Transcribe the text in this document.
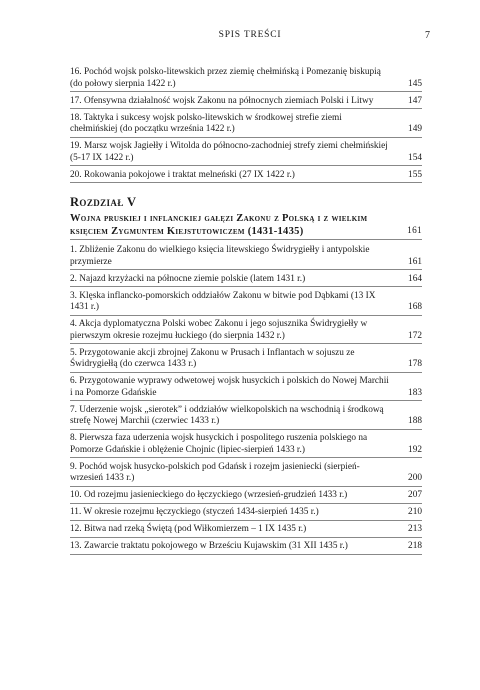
SPIS TREŚCI	7
16. Pochód wojsk polsko-litewskich przez ziemię chełmińską i Pomezanię biskupią (do połowy sierpnia 1422 r.)	145
17. Ofensywna działalność wojsk Zakonu na północnych ziemiach Polski i Litwy	147
18. Taktyka i sukcesy wojsk polsko-litewskich w środkowej strefie ziemi chełmińskiej (do początku września 1422 r.)	149
19. Marsz wojsk Jagiełły i Witolda do północno-zachodniej strefy ziemi chełmińskiej (5-17 IX 1422 r.)	154
20. Rokowania pokojowe i traktat melneński (27 IX 1422 r.)	155
Rozdział V
Wojna pruskiej i inflanckiej gałęzi Zakonu z Polską i z wielkim księciem Zygmuntem Kiejstutowiczem (1431-1435)	161
1. Zbliżenie Zakonu do wielkiego księcia litewskiego Świdrygiełły i antypolskie przymierze	161
2. Najazd krzyżacki na północne ziemie polskie (latem 1431 r.)	164
3. Klęska inflancko-pomorskich oddziałów Zakonu w bitwie pod Dąbkami (13 IX 1431 r.)	168
4. Akcja dyplomatyczna Polski wobec Zakonu i jego sojusznika Świdrygiełły w pierwszym okresie rozejmu łuckiego (do sierpnia 1432 r.)	172
5. Przygotowanie akcji zbrojnej Zakonu w Prusach i Inflantach w sojuszu ze Świdrygiełłą (do czerwca 1433 r.)	178
6. Przygotowanie wyprawy odwetowej wojsk husyckich i polskich do Nowej Marchii i na Pomorze Gdańskie	183
7. Uderzenie wojsk „sierotek” i oddziałów wielkopolskich na wschodnią i środkową strefę Nowej Marchii (czerwiec 1433 r.)	188
8. Pierwsza faza uderzenia wojsk husyckich i pospolitego ruszenia polskiego na Pomorze Gdańskie i oblężenie Chojnic (lipiec-sierpień 1433 r.)	192
9. Pochód wojsk husycko-polskich pod Gdańsk i rozejm jasieniecki (sierpień-wrzesień 1433 r.)	200
10. Od rozejmu jasienieckiego do łęczyckiego (wrzesień-grudzień 1433 r.)	207
11. W okresie rozejmu łęczyckiego (styczeń 1434-sierpień 1435 r.)	210
12. Bitwa nad rzeką Świętą (pod Wiłkomierzem – 1 IX 1435 r.)	213
13. Zawarcie traktatu pokojowego w Brześciu Kujawskim (31 XII 1435 r.)	218
